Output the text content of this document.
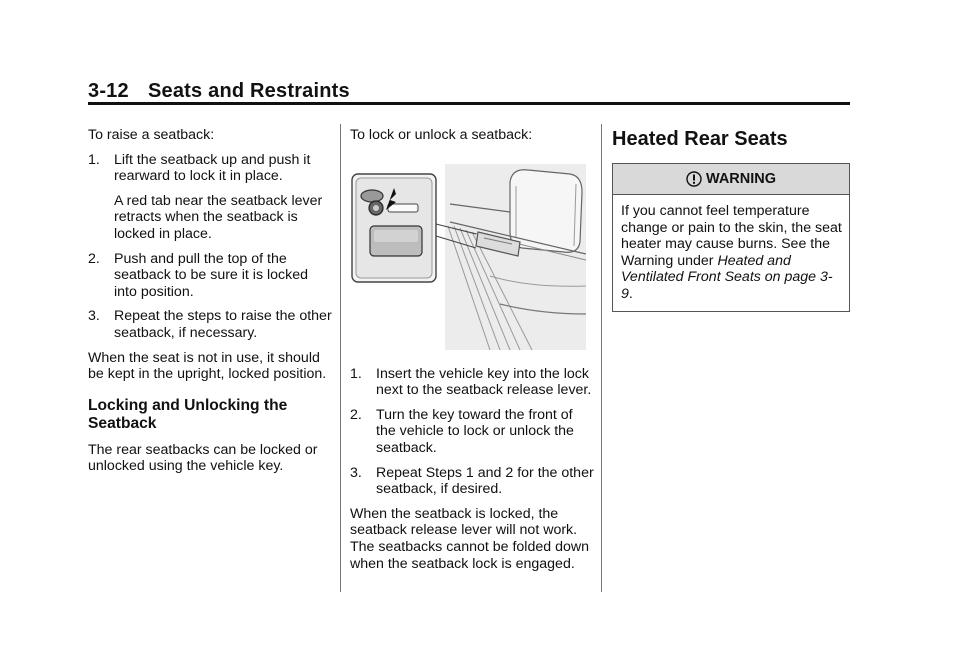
3-12 Seats and Restraints

To raise a seatback:

1. Lift the seatback up and push it rearward to lock it in place.

A red tab near the seatback lever retracts when the seatback is locked in place.

2. Push and pull the top of the seatback to be sure it is locked into position.
3. Repeat the steps to raise the other seatback, if necessary.

When the seat is not in use, it should be kept in the upright, locked position.

Locking and Unlocking the Seatback

The rear seatbacks can be locked or unlocked using the vehicle key.

To lock or unlock a seatback:

1. Insert the vehicle key into the lock next to the seatback release lever.
2. Turn the key toward the front of the vehicle to lock or unlock the seatback.
3. Repeat Steps 1 and 2 for the other seatback, if desired.

When the seatback is locked, the seatback release lever will not work. The seatbacks cannot be folded down when the seatback lock is engaged.

Heated Rear Seats
WARNING
If you cannot feel temperature change or pain to the skin, the seat heater may cause burns. See the Warning under Heated and Ventilated Front Seats on page 3-9.
